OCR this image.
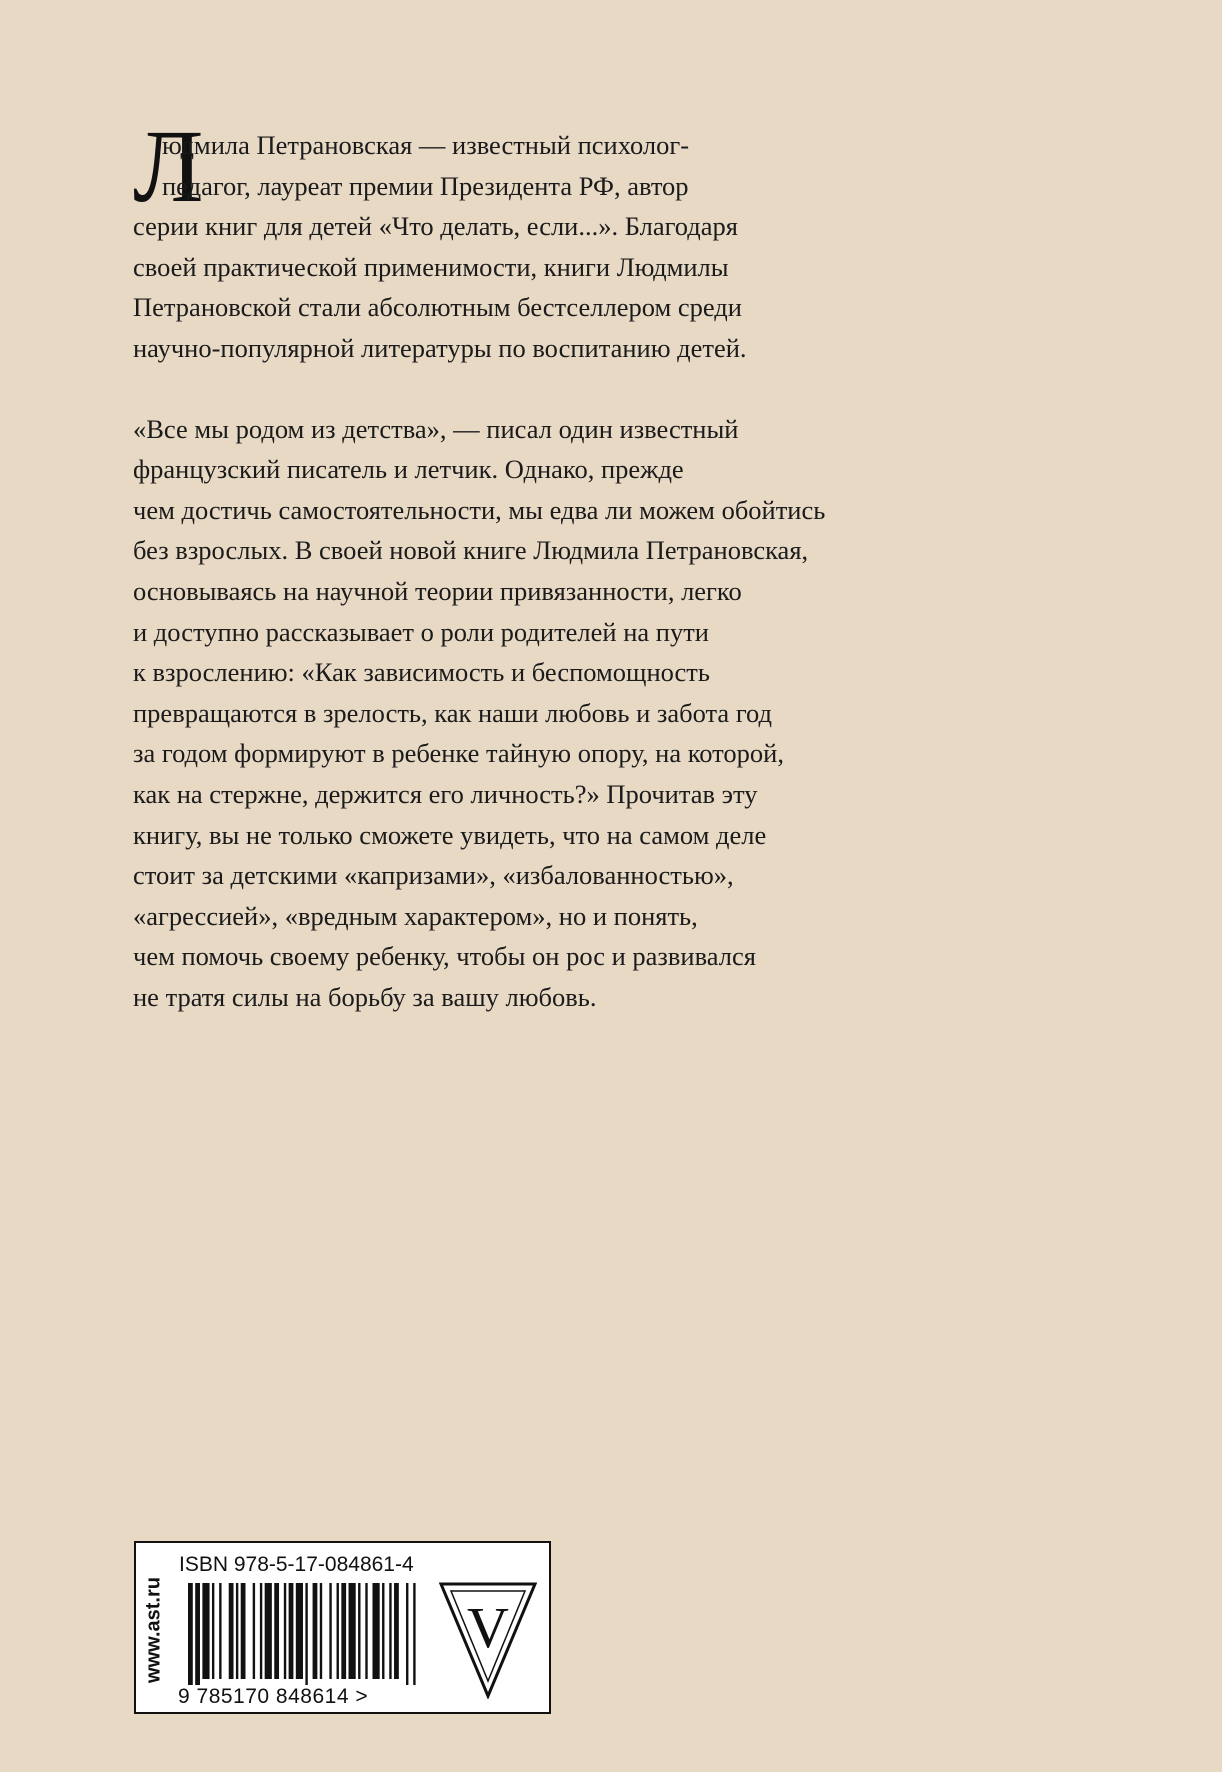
Л
юдмила Петрановская — известный психолог-
педагог, лауреат премии Президента РФ, автор
серии книг для детей «Что делать, если...». Благодаря
своей практической применимости, книги Людмилы
Петрановской стали абсолютным бестселлером среди
научно-популярной литературы по воспитанию детей.
«Все мы родом из детства», — писал один известный
французский писатель и летчик. Однако, прежде
чем достичь самостоятельности, мы едва ли можем обойтись
без взрослых. В своей новой книге Людмила Петрановская,
основываясь на научной теории привязанности, легко
и доступно рассказывает о роли родителей на пути
к взрослению: «Как зависимость и беспомощность
превращаются в зрелость, как наши любовь и забота год
за годом формируют в ребенке тайную опору, на которой,
как на стержне, держится его личность?» Прочитав эту
книгу, вы не только сможете увидеть, что на самом деле
стоит за детскими «капризами», «избалованностью»,
«агрессией», «вредным характером», но и понять,
чем помочь своему ребенку, чтобы он рос и развивался
не тратя силы на борьбу за вашу любовь.
www.ast.ru
ISBN 978-5-17-084861-4
9 785170 848614 >
V
